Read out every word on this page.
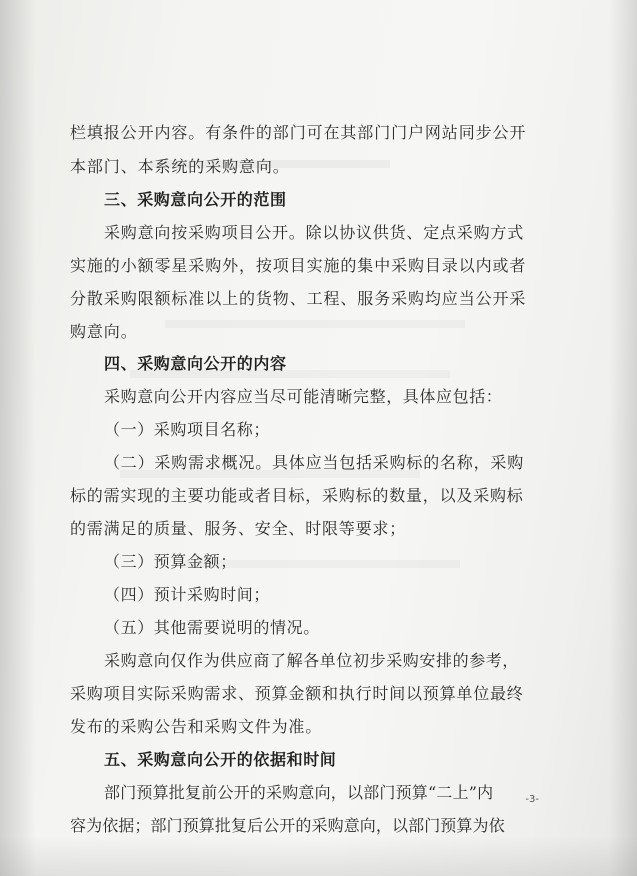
栏填报公开内容。有条件的部门可在其部门门户网站同步公开
本部门、本系统的采购意向。
三、采购意向公开的范围
采购意向按采购项目公开。除以协议供货、定点采购方式
实施的小额零星采购外，按项目实施的集中采购目录以内或者
分散采购限额标准以上的货物、工程、服务采购均应当公开采
购意向。
四、采购意向公开的内容
采购意向公开内容应当尽可能清晰完整，具体应包括：
（一）采购项目名称；
（二）采购需求概况。具体应当包括采购标的名称，采购
标的需实现的主要功能或者目标，采购标的数量，以及采购标
的需满足的质量、服务、安全、时限等要求；
（三）预算金额；
（四）预计采购时间；
（五）其他需要说明的情况。
采购意向仅作为供应商了解各单位初步采购安排的参考，
采购项目实际采购需求、预算金额和执行时间以预算单位最终
发布的采购公告和采购文件为准。
五、采购意向公开的依据和时间
部门预算批复前公开的采购意向，以部门预算“二上”内
容为依据；部门预算批复后公开的采购意向，以部门预算为依
-3-
